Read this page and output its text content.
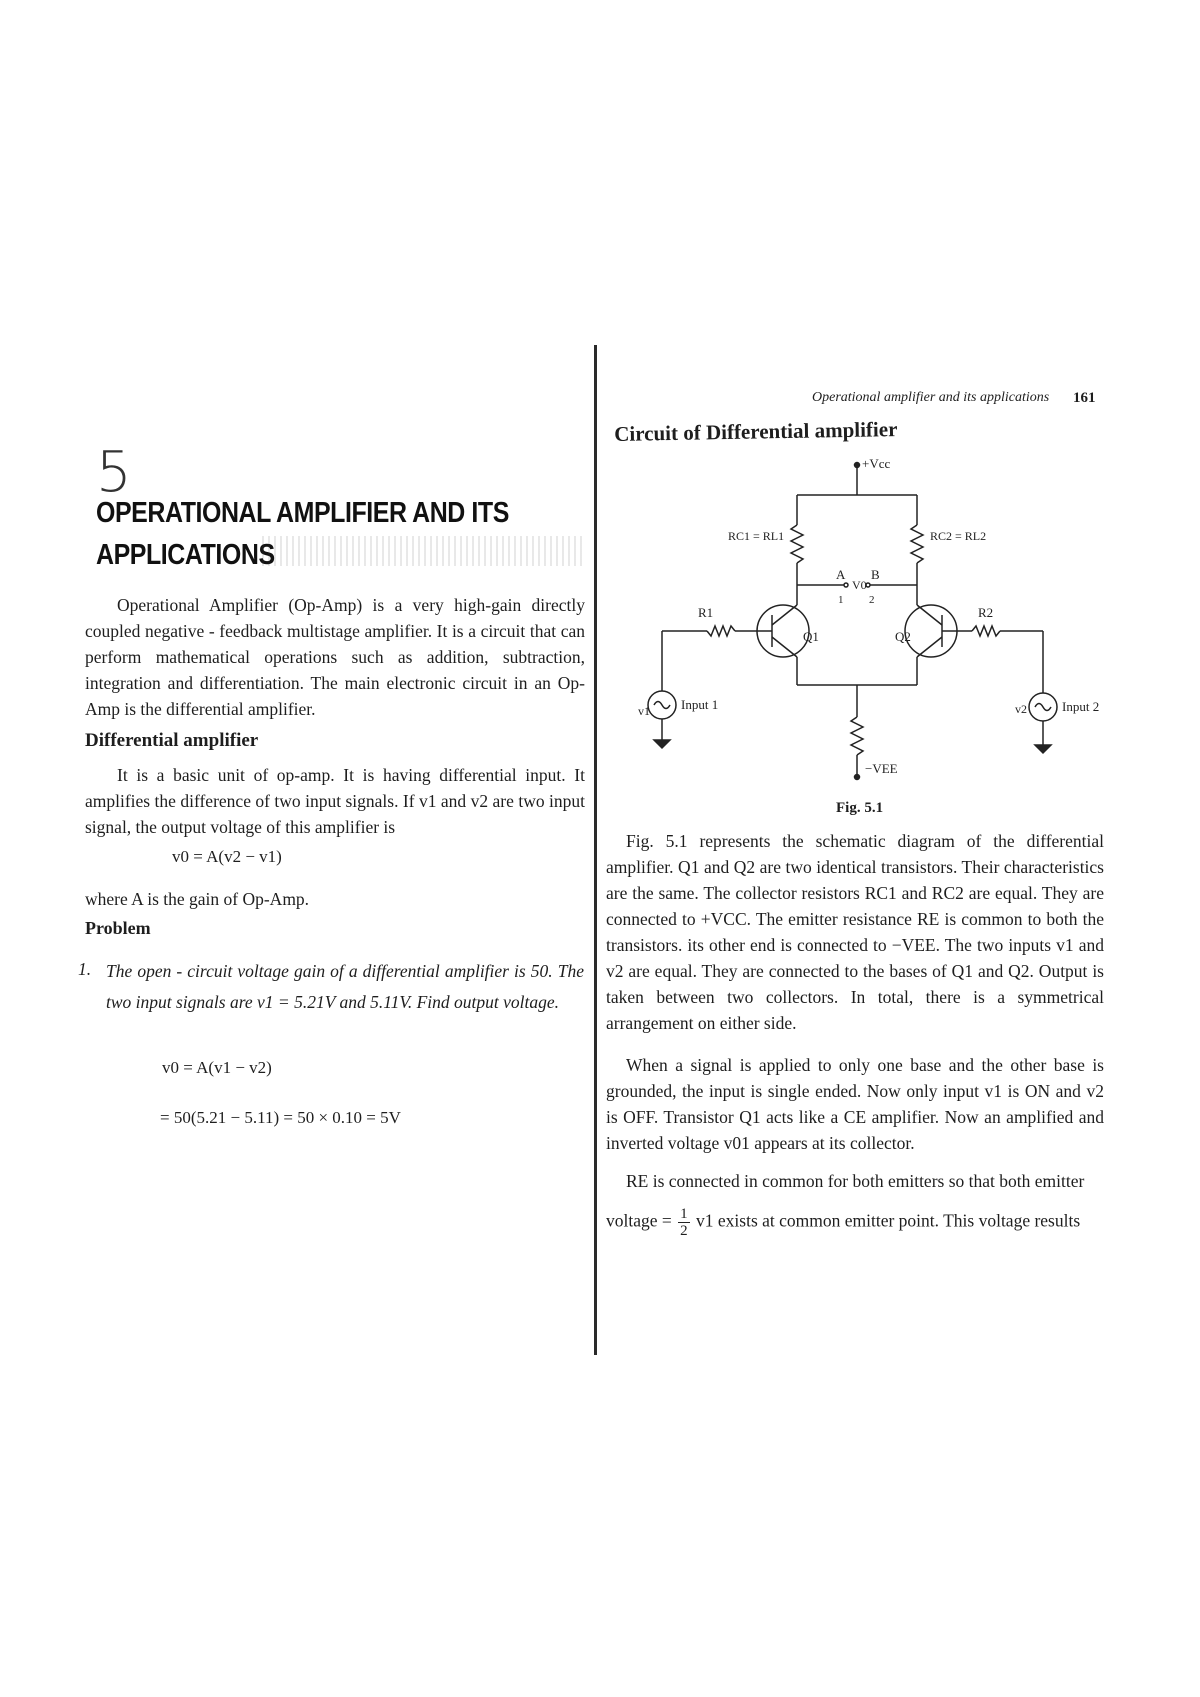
5
OPERATIONAL AMPLIFIER AND ITS
APPLICATIONS
Operational Amplifier (Op-Amp) is a very high-gain directly coupled negative - feedback multistage amplifier. It is a circuit that can perform mathematical operations such as addition, subtraction, integration and differentiation. The main electronic circuit in an Op-Amp is the differential amplifier.
Differential amplifier
It is a basic unit of op-amp. It is having differential input. It amplifies the difference of two input signals. If v1 and v2 are two input signal, the output voltage of this amplifier is
v0 = A(v2 − v1)
where A is the gain of Op-Amp.
Problem
1. The open - circuit voltage gain of a differential amplifier is 50. The two input signals are v1 = 5.21V and 5.11V. Find output voltage.
v0 = A(v1 − v2)
= 50(5.21 − 5.11) = 50 × 0.10 = 5V
Operational amplifier and its applications 161
Circuit of Differential amplifier
+Vcc
RC1 = RL1	RC2 = RL2
A
V0
B
1 2
R1	R2
Q1	Q2
v1 Input 1	v2	Input 2
−VEE
Fig. 5.1
Fig. 5.1 represents the schematic diagram of the differential amplifier. Q1 and Q2 are two identical transistors. Their characteristics are the same. The collector resistors RC1 and RC2 are equal. They are connected to +VCC. The emitter resistance RE is common to both the transistors. its other end is connected to −VEE. The two inputs v1 and v2 are equal. They are connected to the bases of Q1 and Q2. Output is taken between two collectors. In total, there is a symmetrical arrangement on either side.
When a signal is applied to only one base and the other base is grounded, the input is single ended. Now only input v1 is ON and v2 is OFF. Transistor Q1 acts like a CE amplifier. Now an amplified and inverted voltage v01 appears at its collector.
RE is connected in common for both emitters so that both emitter
voltage = $\frac{1}{2} v1$ exists at common emitter point. This voltage results
